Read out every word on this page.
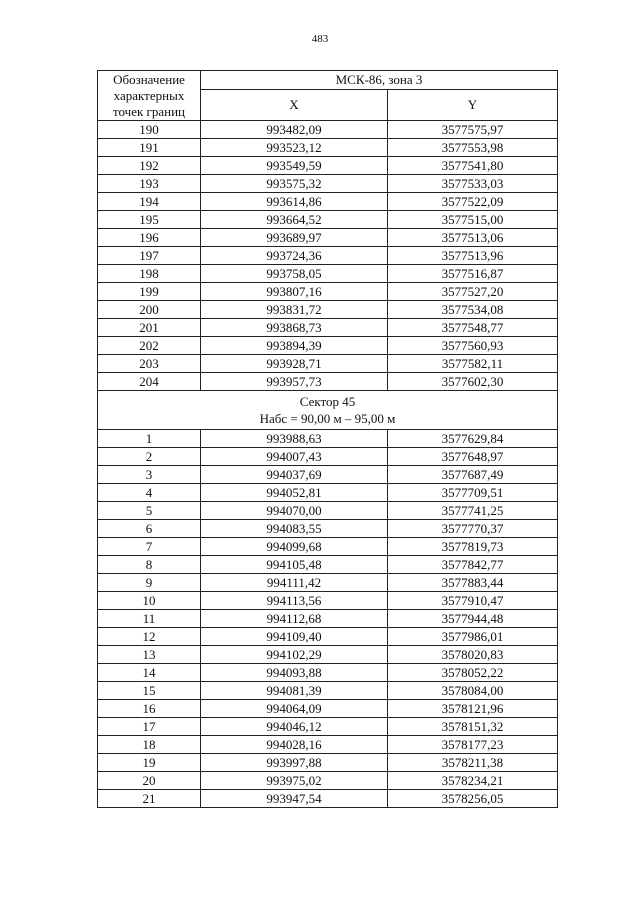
483
Обозначение
характерных
точек границ	МСК-86, зона 3	
	X	Y
190	993482,09	3577575,97
191	993523,12	3577553,98
192	993549,59	3577541,80
193	993575,32	3577533,03
194	993614,86	3577522,09
195	993664,52	3577515,00
196	993689,97	3577513,06
197	993724,36	3577513,96
198	993758,05	3577516,87
199	993807,16	3577527,20
200	993831,72	3577534,08
201	993868,73	3577548,77
202	993894,39	3577560,93
203	993928,71	3577582,11
204	993957,73	3577602,30

Сектор 45
Набс = 90,00 м – 95,00 м		

1	993988,63	3577629,84
2	994007,43	3577648,97
3	994037,69	3577687,49
4	994052,81	3577709,51
5	994070,00	3577741,25
6	994083,55	3577770,37
7	994099,68	3577819,73
8	994105,48	3577842,77
9	994111,42	3577883,44
10	994113,56	3577910,47
11	994112,68	3577944,48
12	994109,40	3577986,01
13	994102,29	3578020,83
14	994093,88	3578052,22
15	994081,39	3578084,00
16	994064,09	3578121,96
17	994046,12	3578151,32
18	994028,16	3578177,23
19	993997,88	3578211,38
20	993975,02	3578234,21
21	993947,54	3578256,05
